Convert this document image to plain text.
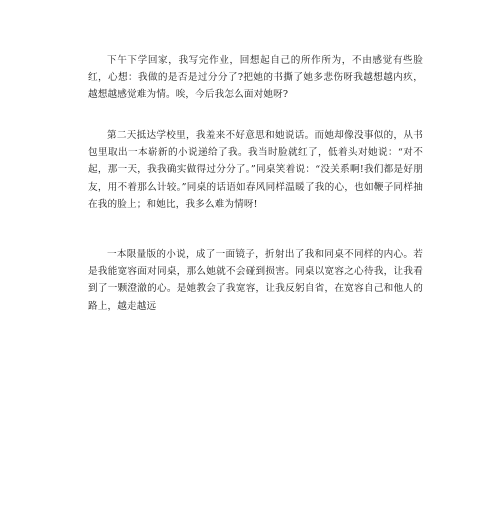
下午下学回家，我写完作业，回想起自己的所作所为，不由感觉有些脸红，心想：我做的是否是过分分了?把她的书撕了她多悲伤呀我越想越内疚，越想越感觉难为情。唉，今后我怎么面对她呀?

第二天抵达学校里，我羞来不好意思和她说话。而她却像没事似的，从书包里取出一本崭新的小说递给了我。我当时脸就红了，低着头对她说：“对不起，那一天，我我确实做得过分分了。”同桌笑着说：“没关系啊!我们都是好朋友，用不着那么计较。”同桌的话语如春风同样温暖了我的心，也如鞭子同样抽在我的脸上；和她比，我多么难为情呀!

一本限量版的小说，成了一面镜子，折射出了我和同桌不同样的内心。若是我能宽容面对同桌，那么她就不会碰到损害。同桌以宽容之心待我，让我看到了一颗澄澈的心。是她教会了我宽容，让我反躬自省，在宽容自己和他人的路上，越走越远
